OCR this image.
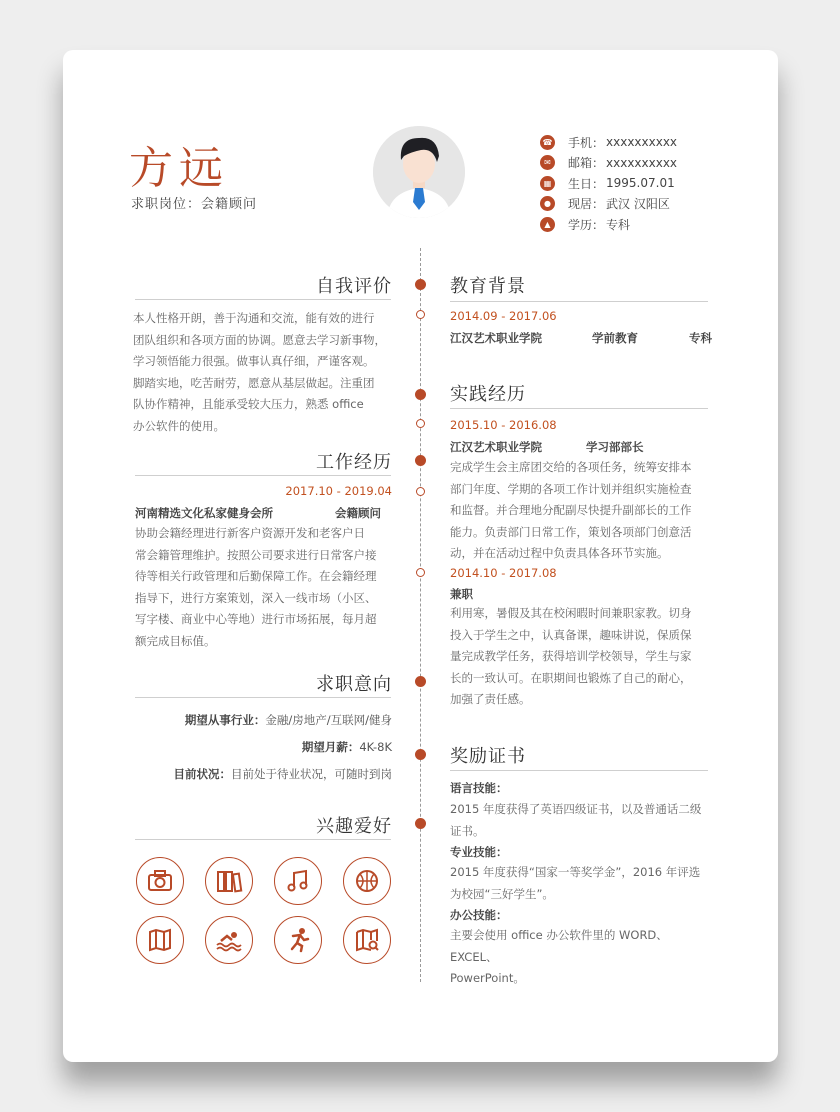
方远
求职岗位：会籍顾问
☎ 手机： xxxxxxxxxx
✉	邮箱： xxxxxxxxxx
▦	生日： 1995.07.01
●	现居： 武汉 汉阳区
▲	学历： 专科
自我评价
本人性格开朗，善于沟通和交流，能有效的进行
团队组织和各项方面的协调。愿意去学习新事物，
学习领悟能力很强。做事认真仔细，严谨客观。
脚踏实地，吃苦耐劳，愿意从基层做起。注重团
队协作精神，且能承受较大压力，熟悉 office
办公软件的使用。
工作经历
2017.10 - 2019.04
河南精选文化私家健身会所	会籍顾问
协助会籍经理进行新客户资源开发和老客户日
常会籍管理维护。按照公司要求进行日常客户接
待等相关行政管理和后勤保障工作。在会籍经理
指导下，进行方案策划，深入一线市场（小区、
写字楼、商业中心等地）进行市场拓展，每月超
额完成目标值。
求职意向
期望从事行业：金融/房地产/互联网/健身
期望月薪：4K-8K
目前状况：目前处于待业状况，可随时到岗
兴趣爱好
教育背景
2014.09 - 2017.06
江汉艺术职业学院	学前教育	专科
实践经历
2015.10 - 2016.08
江汉艺术职业学院	学习部部长
完成学生会主席团交给的各项任务，统筹安排本
部门年度、学期的各项工作计划并组织实施检查
和监督。并合理地分配副尽快提升副部长的工作
能力。负责部门日常工作，策划各项部门创意活
动，并在活动过程中负责具体各环节实施。
2014.10 - 2017.08
兼职
利用寒，暑假及其在校闲暇时间兼职家教。切身
投入于学生之中，认真备课，趣味讲说，保质保
量完成教学任务，获得培训学校领导，学生与家
长的一致认可。在职期间也锻炼了自己的耐心，
加强了责任感。
奖励证书
语言技能：
2015 年度获得了英语四级证书，以及普通话二级
证书。
专业技能：
2015 年度获得“国家一等奖学金”，2016 年评选
为校园“三好学生”。
办公技能：
主要会使用 office 办公软件里的 WORD、EXCEL、
PowerPoint。
